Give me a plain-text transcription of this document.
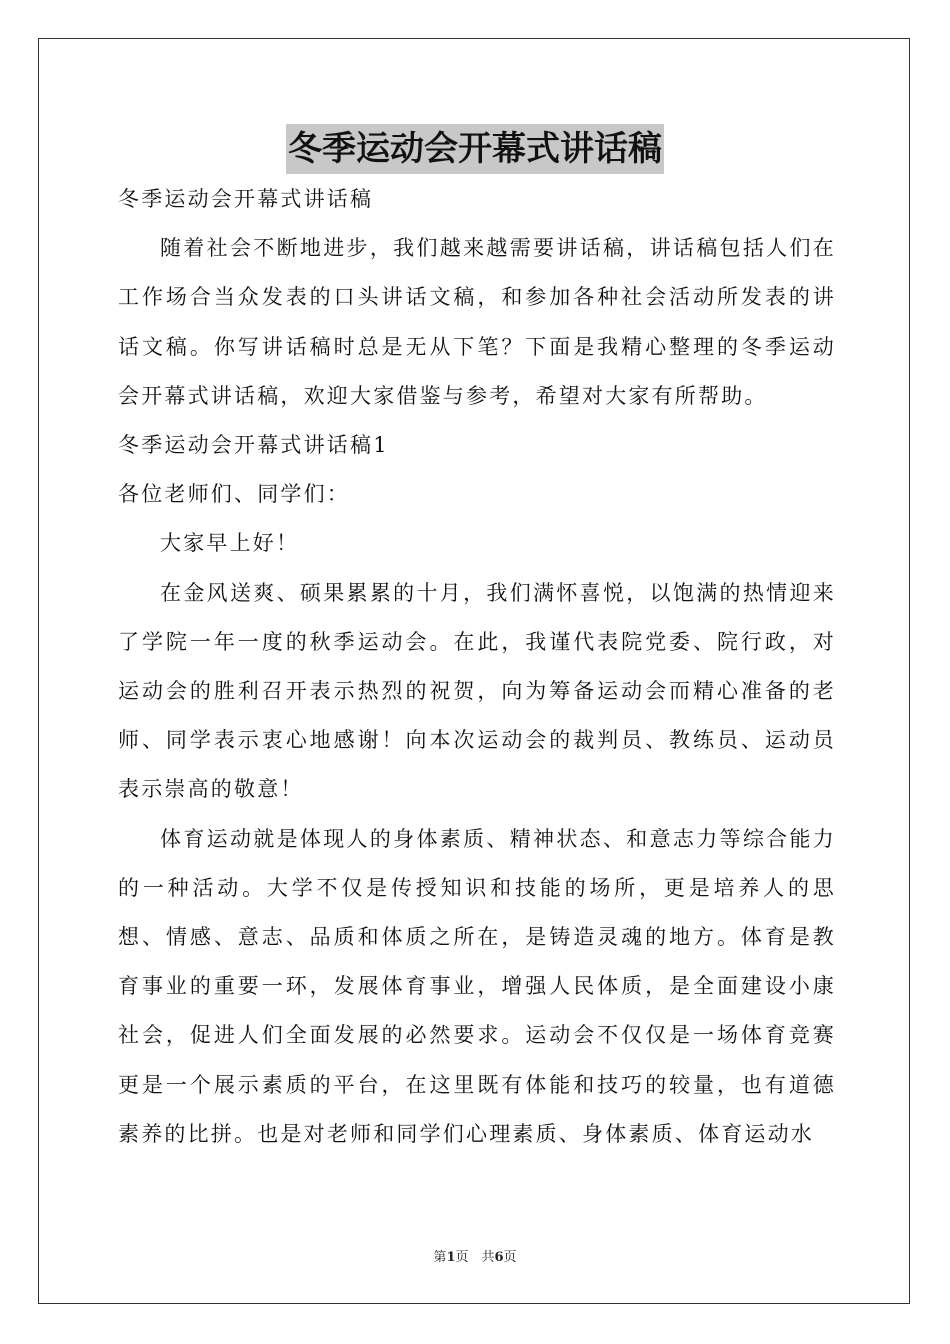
冬季运动会开幕式讲话稿

冬季运动会开幕式讲话稿

随着社会不断地进步，我们越来越需要讲话稿，讲话稿包括人们在工作场合当众发表的口头讲话文稿，和参加各种社会活动所发表的讲话文稿。你写讲话稿时总是无从下笔？下面是我精心整理的冬季运动会开幕式讲话稿，欢迎大家借鉴与参考，希望对大家有所帮助。

冬季运动会开幕式讲话稿1

各位老师们、同学们：

大家早上好！

在金风送爽、硕果累累的十月，我们满怀喜悦，以饱满的热情迎来了学院一年一度的秋季运动会。在此，我谨代表院党委、院行政，对运动会的胜利召开表示热烈的祝贺，向为筹备运动会而精心准备的老师、同学表示衷心地感谢！向本次运动会的裁判员、教练员、运动员表示崇高的敬意！

体育运动就是体现人的身体素质、精神状态、和意志力等综合能力的一种活动。大学不仅是传授知识和技能的场所，更是培养人的思想、情感、意志、品质和体质之所在，是铸造灵魂的地方。体育是教育事业的重要一环，发展体育事业，增强人民体质，是全面建设小康社会，促进人们全面发展的必然要求。运动会不仅仅是一场体育竞赛更是一个展示素质的平台，在这里既有体能和技巧的较量，也有道德素养的比拼。也是对老师和同学们心理素质、身体素质、体育运动水

第1页　共6页
